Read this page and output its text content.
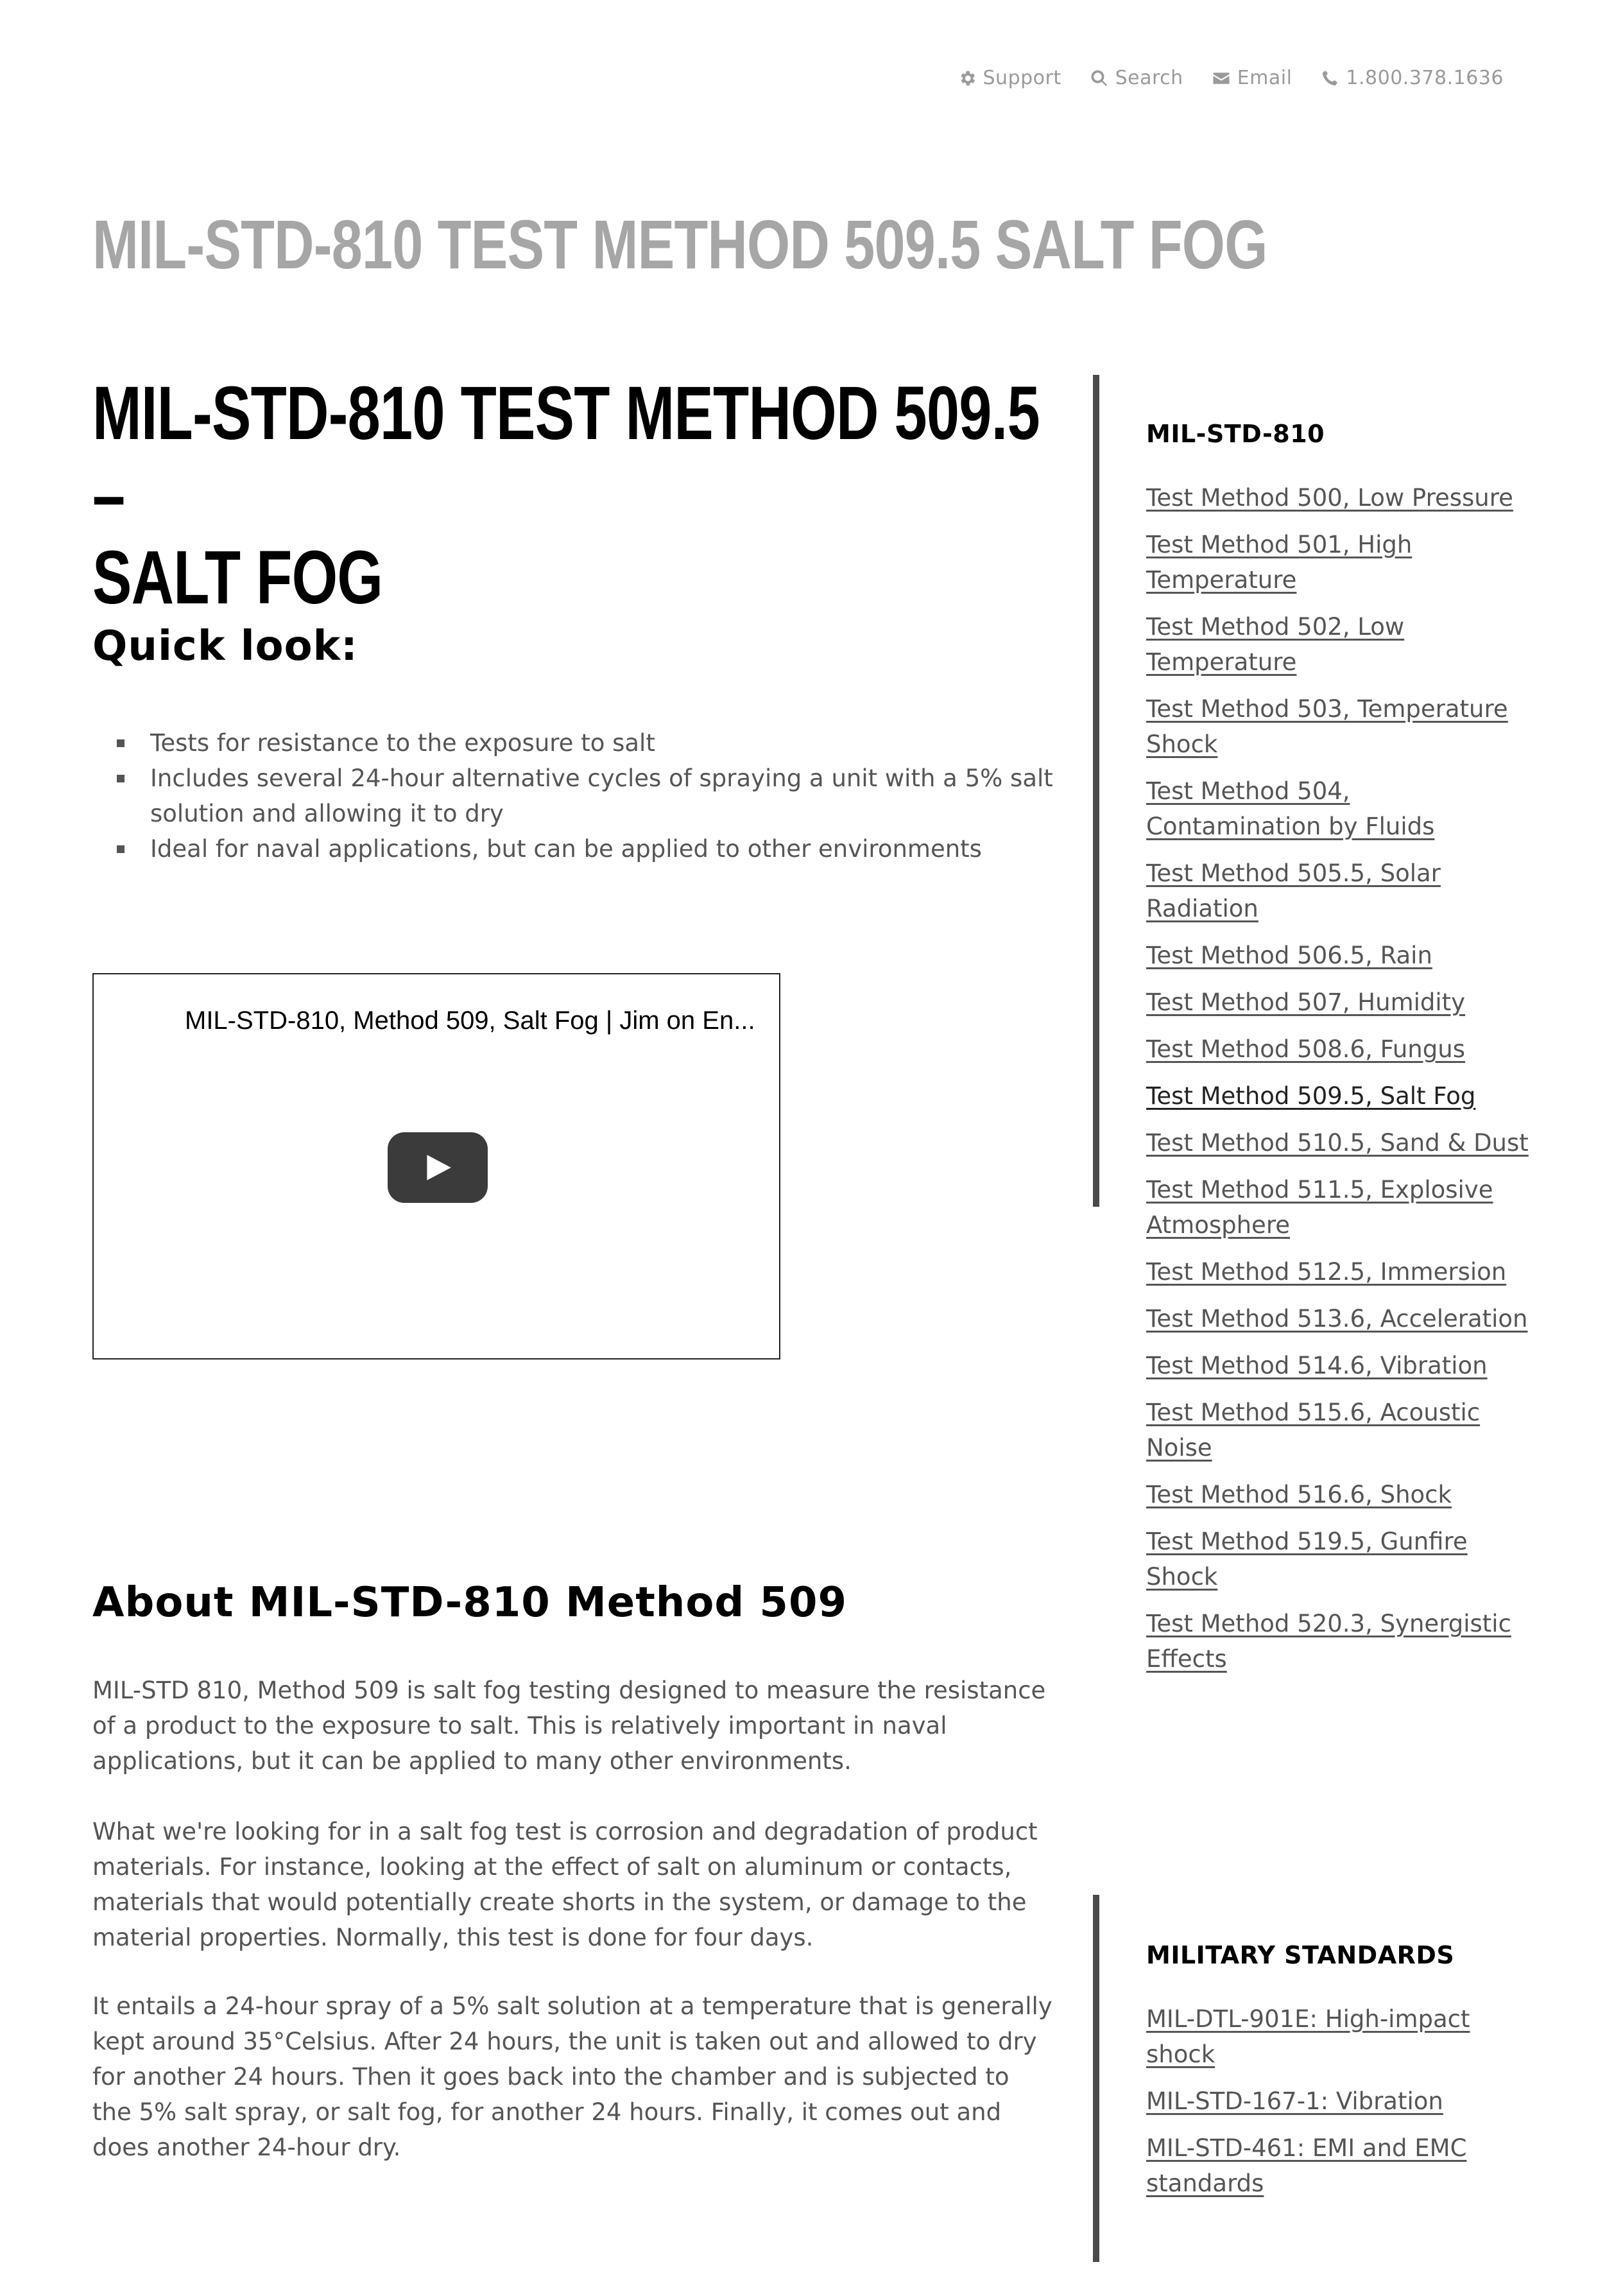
Support	Search	Email	1.800.378.1636
MIL-STD-810 TEST METHOD 509.5 SALT FOG
MIL-STD-810 TEST METHOD 509.5 –
SALT FOG
Quick look:
Tests for resistance to the exposure to salt
Includes several 24-hour alternative cycles of spraying a unit with a 5% salt solution and allowing it to dry
Ideal for naval applications, but can be applied to other environments
MIL-STD-810, Method 509, Salt Fog | Jim on En...
About MIL-STD-810 Method 509

MIL-STD 810, Method 509 is salt fog testing designed to measure the resistance of a product to the exposure to salt. This is relatively important in naval applications, but it can be applied to many other environments.

What we're looking for in a salt fog test is corrosion and degradation of product materials. For instance, looking at the effect of salt on aluminum or contacts, materials that would potentially create shorts in the system, or damage to the material properties. Normally, this test is done for four days.

It entails a 24-hour spray of a 5% salt solution at a temperature that is generally kept around 35°Celsius. After 24 hours, the unit is taken out and allowed to dry for another 24 hours. Then it goes back into the chamber and is subjected to the 5% salt spray, or salt fog, for another 24 hours. Finally, it comes out and does another 24-hour dry.

MIL-STD-810
Test Method 500, Low Pressure
Test Method 501, High Temperature
Test Method 502, Low Temperature
Test Method 503, Temperature Shock
Test Method 504, Contamination by Fluids
Test Method 505.5, Solar Radiation
Test Method 506.5, Rain
Test Method 507, Humidity
Test Method 508.6, Fungus
Test Method 509.5, Salt Fog
Test Method 510.5, Sand & Dust
Test Method 511.5, Explosive Atmosphere
Test Method 512.5, Immersion
Test Method 513.6, Acceleration
Test Method 514.6, Vibration
Test Method 515.6, Acoustic Noise
Test Method 516.6, Shock
Test Method 519.5, Gunfire Shock
Test Method 520.3, Synergistic Effects
MILITARY STANDARDS
MIL-DTL-901E: High-impact shock
MIL-STD-167-1: Vibration
MIL-STD-461: EMI and EMC standards
